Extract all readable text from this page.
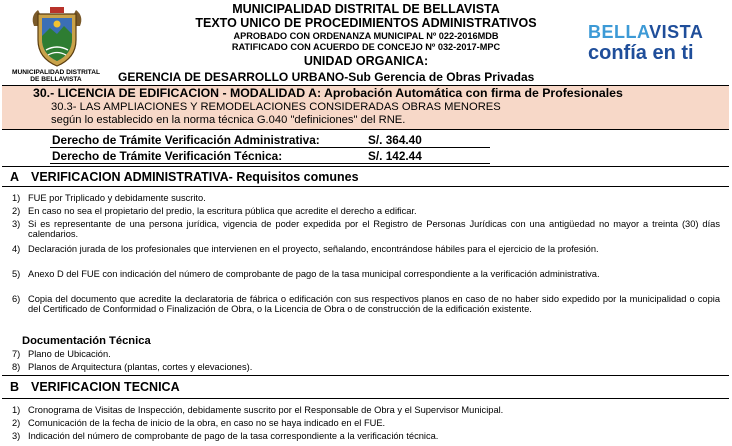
MUNICIPALIDAD DISTRITAL
DE BELLAVISTA
MUNICIPALIDAD DISTRITAL DE BELLAVISTA
TEXTO UNICO DE PROCEDIMIENTOS ADMINISTRATIVOS
APROBADO CON ORDENANZA MUNICIPAL Nº 022-2016MDB
RATIFICADO CON ACUERDO DE CONCEJO Nº 032-2017-MPC
UNIDAD ORGANICA:
GERENCIA DE DESARROLLO URBANO-Sub Gerencia de Obras Privadas
BELLAVISTA
confía en ti
30.- LICENCIA DE EDIFICACION - MODALIDAD A: Aprobación Automática con firma de Profesionales
30.3- LAS AMPLIACIONES Y REMODELACIONES CONSIDERADAS OBRAS MENORES
según lo establecido en la norma técnica G.040 "definiciones" del RNE.
Derecho de Trámite Verificación Administrativa:	S/. 364.40
Derecho de Trámite Verificación Técnica:	S/. 142.44
A VERIFICACION ADMINISTRATIVA- Requisitos comunes
1) FUE por Triplicado y debidamente suscrito.
2) En caso no sea el propietario del predio, la escritura pública que acredite el derecho a edificar.
3) Si es representante de una persona jurídica, vigencia de poder expedida por el Registro de Personas Jurídicas con una antigüedad no mayor a treinta (30) días calendarios.
4) Declaración jurada de los profesionales que intervienen en el proyecto, señalando, encontrándose hábiles para el ejercicio de la profesión.
5) Anexo D del FUE con indicación del número de comprobante de pago de la tasa municipal correspondiente a la verificación administrativa.
6) Copia del documento que acredite la declaratoria de fábrica o edificación con sus respectivos planos en caso de no haber sido expedido por la municipalidad o copia del Certificado de Conformidad o Finalización de Obra, o la Licencia de Obra o de construcción de la edificación existente.
Documentación Técnica
7) Plano de Ubicación.
8) Planos de Arquitectura (plantas, cortes y elevaciones).
B VERIFICACION TECNICA
1) Cronograma de Visitas de Inspección, debidamente suscrito por el Responsable de Obra y el Supervisor Municipal.
2) Comunicación de la fecha de inicio de la obra, en caso no se haya indicado en el FUE.
3) Indicación del número de comprobante de pago de la tasa correspondiente a la verificación técnica.
